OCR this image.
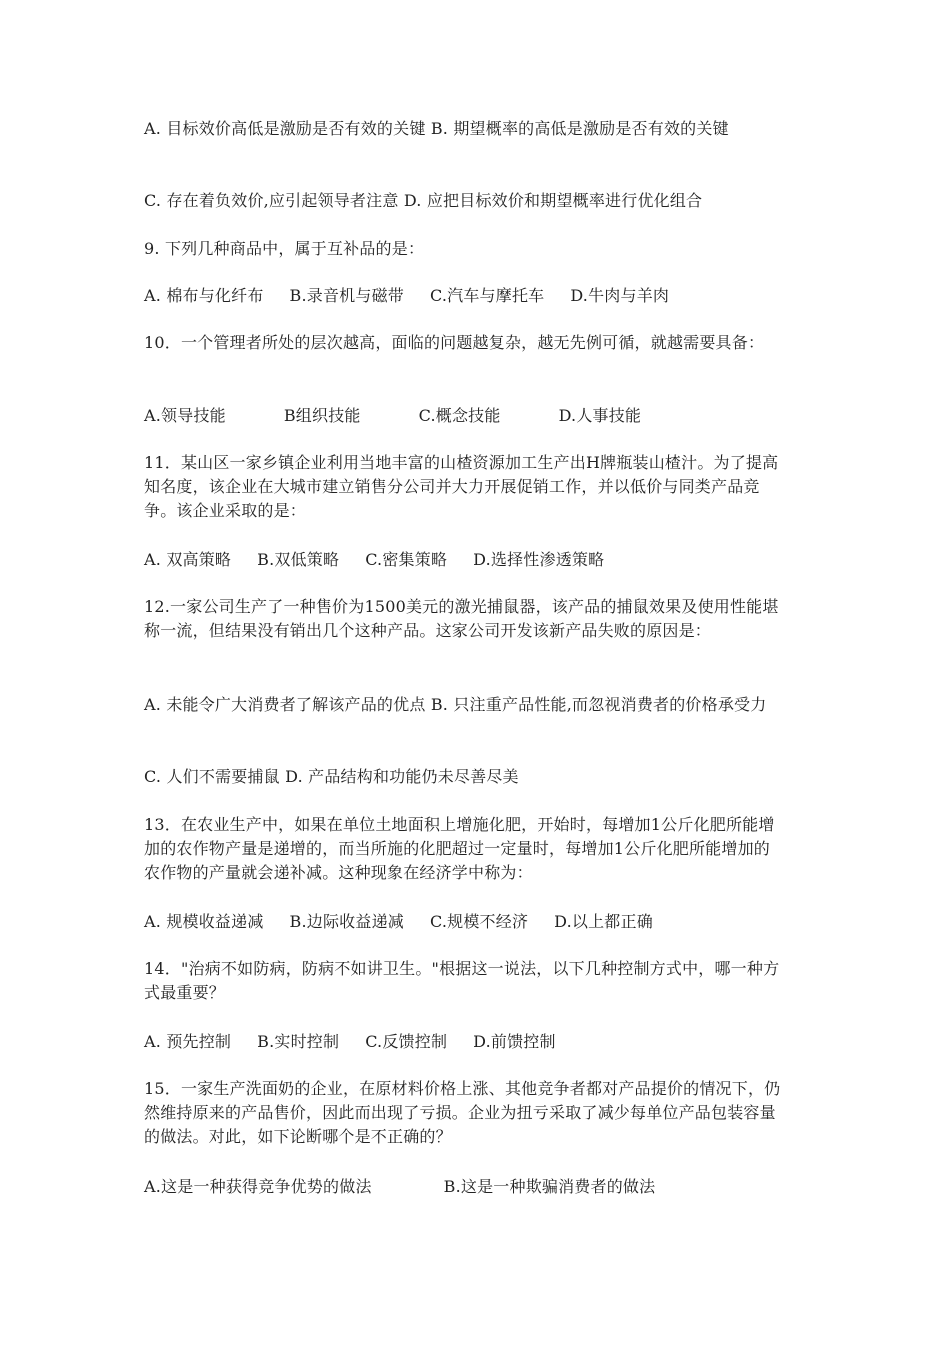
A. 目标效价高低是激励是否有效的关键 B. 期望概率的高低是激励是否有效的关键
C. 存在着负效价,应引起领导者注意 D. 应把目标效价和期望概率进行优化组合
9. 下列几种商品中，属于互补品的是：
A. 棉布与化纤布 B.录音机与磁带 C.汽车与摩托车 D.牛肉与羊肉
10．一个管理者所处的层次越高，面临的问题越复杂，越无先例可循，就越需要具备：
A.领导技能	B组织技能	C.概念技能	D.人事技能
11．某山区一家乡镇企业利用当地丰富的山楂资源加工生产出H牌瓶装山楂汁。为了提高知名度，该企业在大城市建立销售分公司并大力开展促销工作，并以低价与同类产品竞争。该企业采取的是：
A. 双高策略 B.双低策略 C.密集策略 D.选择性渗透策略
12.一家公司生产了一种售价为1500美元的激光捕鼠器，该产品的捕鼠效果及使用性能堪称一流，但结果没有销出几个这种产品。这家公司开发该新产品失败的原因是：
A. 未能令广大消费者了解该产品的优点 B. 只注重产品性能,而忽视消费者的价格承受力
C. 人们不需要捕鼠 D. 产品结构和功能仍未尽善尽美
13．在农业生产中，如果在单位土地面积上增施化肥，开始时，每增加1公斤化肥所能增加的农作物产量是递增的，而当所施的化肥超过一定量时，每增加1公斤化肥所能增加的农作物的产量就会递补减。这种现象在经济学中称为：
A. 规模收益递减 B.边际收益递减 C.规模不经济 D.以上都正确
14．"治病不如防病，防病不如讲卫生。"根据这一说法，以下几种控制方式中，哪一种方式最重要？
A. 预先控制 B.实时控制 C.反馈控制 D.前馈控制
15．一家生产洗面奶的企业，在原材料价格上涨、其他竞争者都对产品提价的情况下，仍然维持原来的产品售价，因此而出现了亏损。企业为扭亏采取了减少每单位产品包装容量的做法。对此，如下论断哪个是不正确的？
A.这是一种获得竞争优势的做法	B.这是一种欺骗消费者的做法
